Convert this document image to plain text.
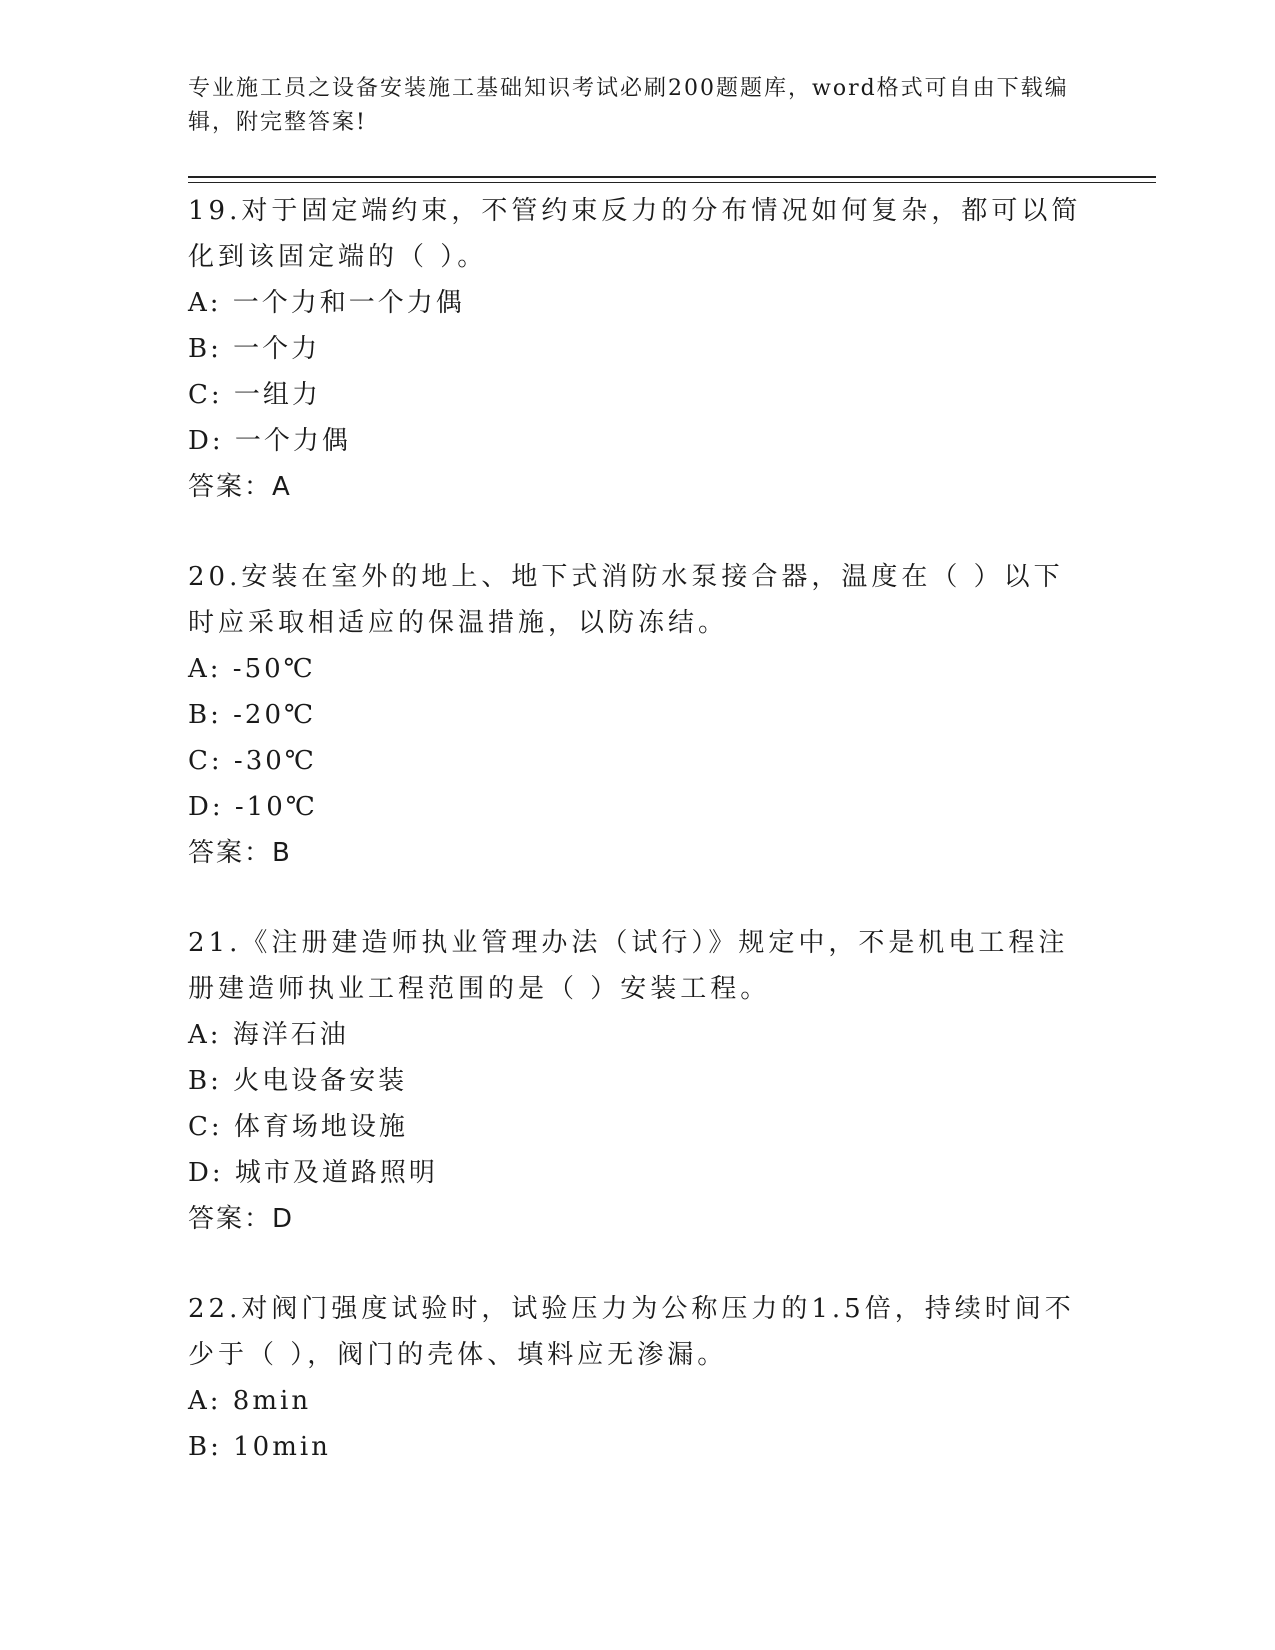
专业施工员之设备安装施工基础知识考试必刷200题题库，word格式可自由下载编辑，附完整答案!
19.对于固定端约束，不管约束反力的分布情况如何复杂，都可以简化到该固定端的（ ）。
A: 一个力和一个力偶
B: 一个力
C: 一组力
D: 一个力偶
答案：A
20.安装在室外的地上、地下式消防水泵接合器，温度在（ ）以下时应采取相适应的保温措施，以防冻结。
A: -50℃
B: -20℃
C: -30℃
D: -10℃
答案：B
21.《注册建造师执业管理办法（试行）》规定中，不是机电工程注册建造师执业工程范围的是（ ）安装工程。
A: 海洋石油
B: 火电设备安装
C: 体育场地设施
D: 城市及道路照明
答案：D
22.对阀门强度试验时，试验压力为公称压力的1.5倍，持续时间不少于（ ），阀门的壳体、填料应无渗漏。
A: 8min
B: 10min
